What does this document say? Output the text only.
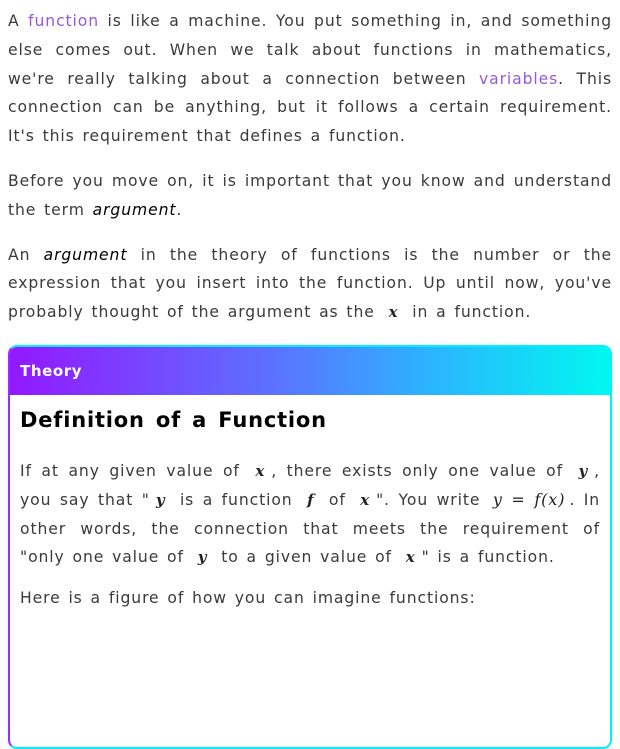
A function is like a machine. You put something in, and something else comes out. When we talk about functions in mathematics, we're really talking about a connection between variables. This connection can be anything, but it follows a certain requirement. It's this requirement that defines a function.

Before you move on, it is important that you know and understand the term argument.

An argument in the theory of functions is the number or the expression that you insert into the function. Up until now, you've probably thought of the argument as the x in a function.

Theory
Definition of a Function

If at any given value of x , there exists only one value of y , you say that " y is a function f of x ". You write y = f(x) . In other words, the connection that meets the requirement of "only one value of y to a given value of x " is a function.

Here is a figure of how you can imagine functions:
